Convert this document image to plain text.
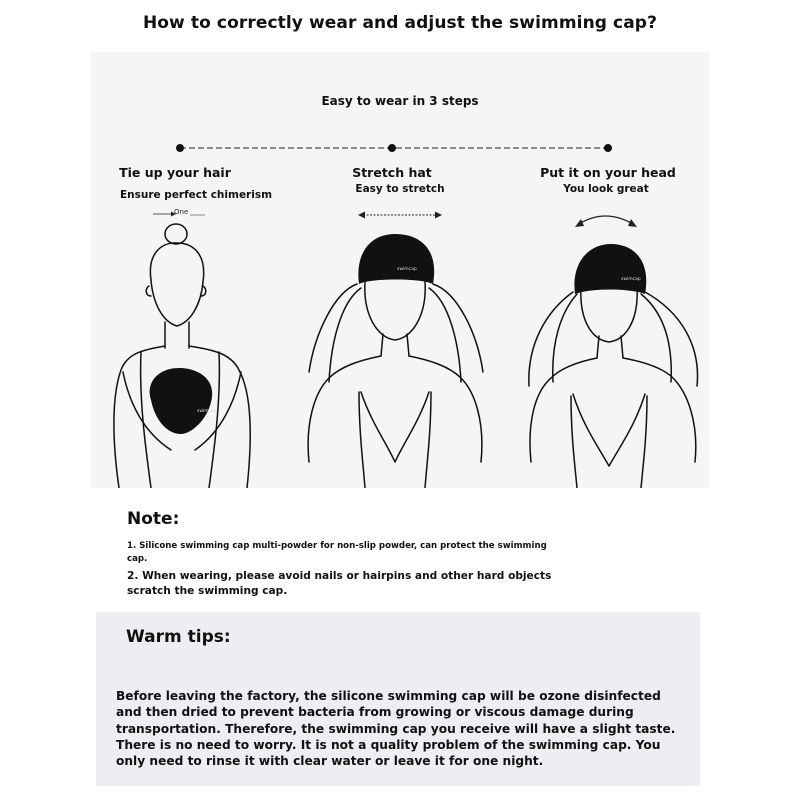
How to correctly wear and adjust the swimming cap?
Easy to wear in 3 steps
Tie up your hair
Ensure perfect chimerism
One
Stretch hat
Easy to stretch
Put it on your head
You look great
swimcap
swimcap
swimcap
Note:
1. Silicone swimming cap multi-powder for non-slip powder, can protect the swimming cap.
2. When wearing, please avoid nails or hairpins and other hard objects scratch the swimming cap.
Warm tips:
Before leaving the factory, the silicone swimming cap will be ozone disinfected and then dried to prevent bacteria from growing or viscous damage during transportation. Therefore, the swimming cap you receive will have a slight taste. There is no need to worry. It is not a quality problem of the swimming cap. You only need to rinse it with clear water or leave it for one night.
